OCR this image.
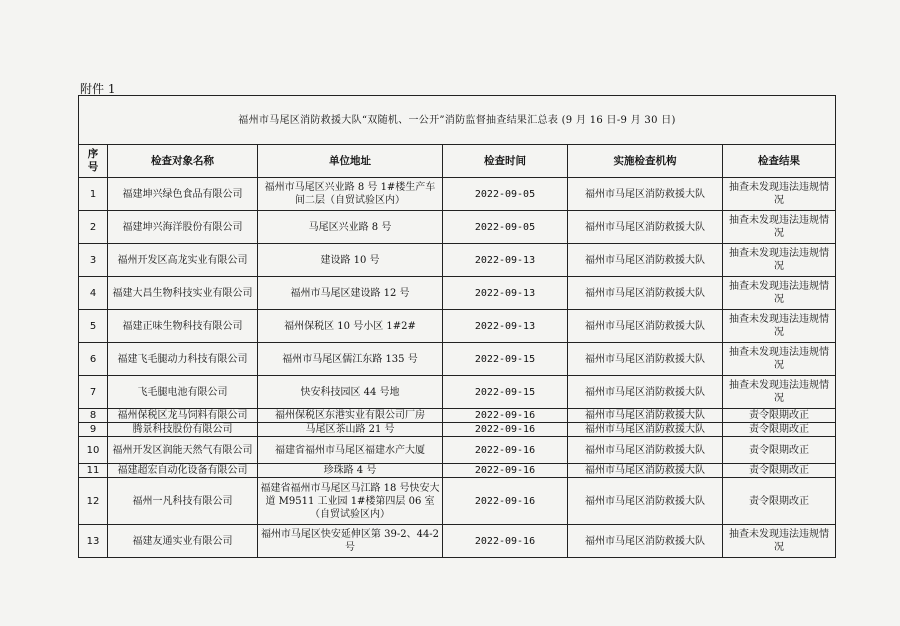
附件 1
福州市马尾区消防救援大队“双随机、一公开”消防监督抽查结果汇总表 (9 月 16 日-9 月 30 日)					
序号	检查对象名称	单位地址	检查时间	实施检查机构	检查结果
1	福建坤兴绿色食品有限公司	福州市马尾区兴业路 8 号 1#楼生产车间二层（自贸试验区内）	2022-09-05	福州市马尾区消防救援大队	抽查未发现违法违规情况
2	福建坤兴海洋股份有限公司	马尾区兴业路 8 号	2022-09-05	福州市马尾区消防救援大队	抽查未发现违法违规情况
3	福州开发区高龙实业有限公司	建设路 10 号	2022-09-13	福州市马尾区消防救援大队	抽查未发现违法违规情况
4	福建大昌生物科技实业有限公司	福州市马尾区建设路 12 号	2022-09-13	福州市马尾区消防救援大队	抽查未发现违法违规情况
5	福建正味生物科技有限公司	福州保税区 10 号小区 1#2#	2022-09-13	福州市马尾区消防救援大队	抽查未发现违法违规情况
6	福建飞毛腿动力科技有限公司	福州市马尾区儒江东路 135 号	2022-09-15	福州市马尾区消防救援大队	抽查未发现违法违规情况
7	飞毛腿电池有限公司	快安科技园区 44 号地	2022-09-15	福州市马尾区消防救援大队	抽查未发现违法违规情况
8	福州保税区龙马饲料有限公司	福州保税区东港实业有限公司厂房	2022-09-16	福州市马尾区消防救援大队	责令限期改正
9	腾景科技股份有限公司	马尾区茶山路 21 号	2022-09-16	福州市马尾区消防救援大队	责令限期改正
10	福州开发区润能天然气有限公司	福建省福州市马尾区福建水产大厦	2022-09-16	福州市马尾区消防救援大队	责令限期改正
11	福建超宏自动化设备有限公司	珍珠路 4 号	2022-09-16	福州市马尾区消防救援大队	责令限期改正
12	福州一凡科技有限公司	福建省福州市马尾区马江路 18 号快安大道 M9511 工业园 1#楼第四层 06 室（自贸试验区内）	2022-09-16	福州市马尾区消防救援大队	责令限期改正
13	福建友通实业有限公司	福州市马尾区快安延伸区第 39-2、44-2 号	2022-09-16	福州市马尾区消防救援大队	抽查未发现违法违规情况
